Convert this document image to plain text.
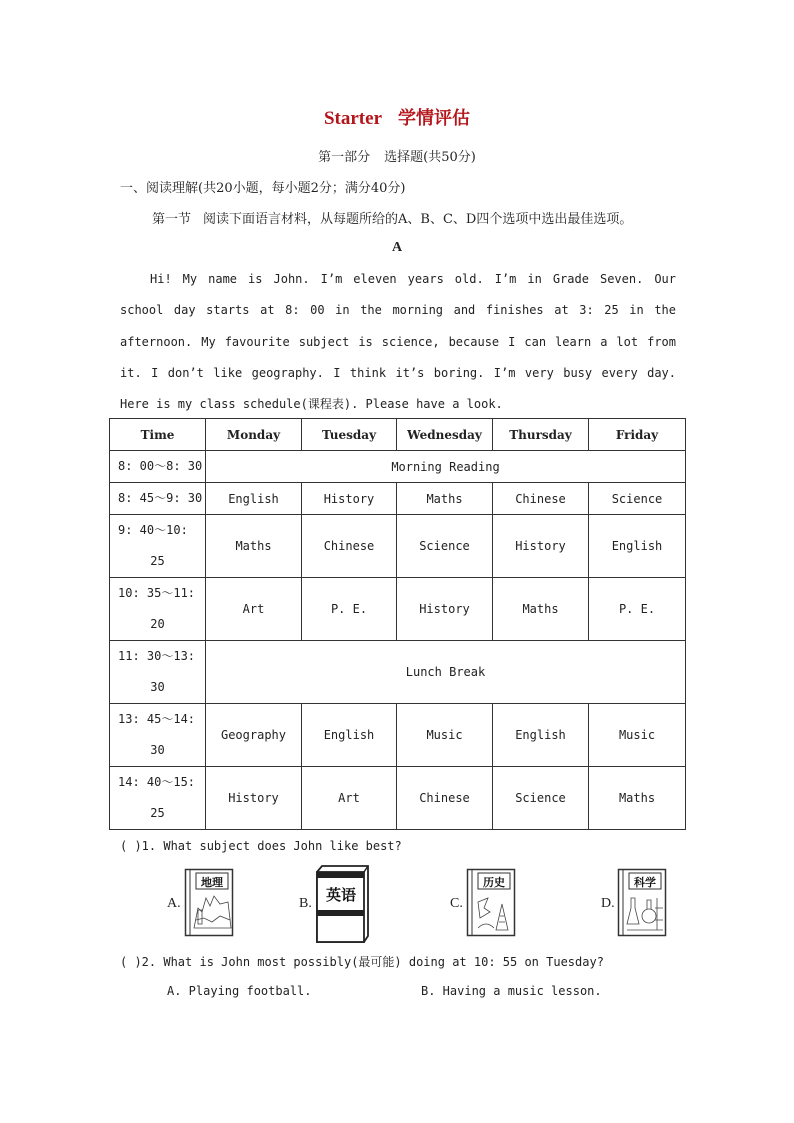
Starter 学情评估
第一部分 选择题(共50分)
一、阅读理解(共20小题，每小题2分；满分40分)
第一节 阅读下面语言材料，从每题所给的A、B、C、D四个选项中选出最佳选项。
A
Hi! My name is John. I’m eleven years old. I’m in Grade Seven. Our school day starts at 8: 00 in the morning and finishes at 3: 25 in the afternoon. My favourite subject is science, because I can learn a lot from it. I don’t like geography. I think it’s boring. I’m very busy every day. Here is my class schedule(课程表). Please have a look.
Time	Monday	Tuesday	Wednesday	Thursday	Friday

8: 00～8: 30	Morning Reading				

8: 45～9: 30	English	History	Maths	Chinese	Science

9: 40～10:
25	Maths	Chinese	Science	History	English

10: 35～11:
20	Art	P. E.	History	Maths	P. E.

11: 30～13:
30	Lunch Break				

13: 45～14:
30	Geography	English	Music	English	Music

14: 40～15:
25	History	Art	Chinese	Science	Maths
( )1. What subject does John like best?
A.
地理
B. 英语	C.
历史
D.
科学
( )2. What is John most possibly(最可能) doing at 10: 55 on Tuesday?
A. Playing football.	B. Having a music lesson.
